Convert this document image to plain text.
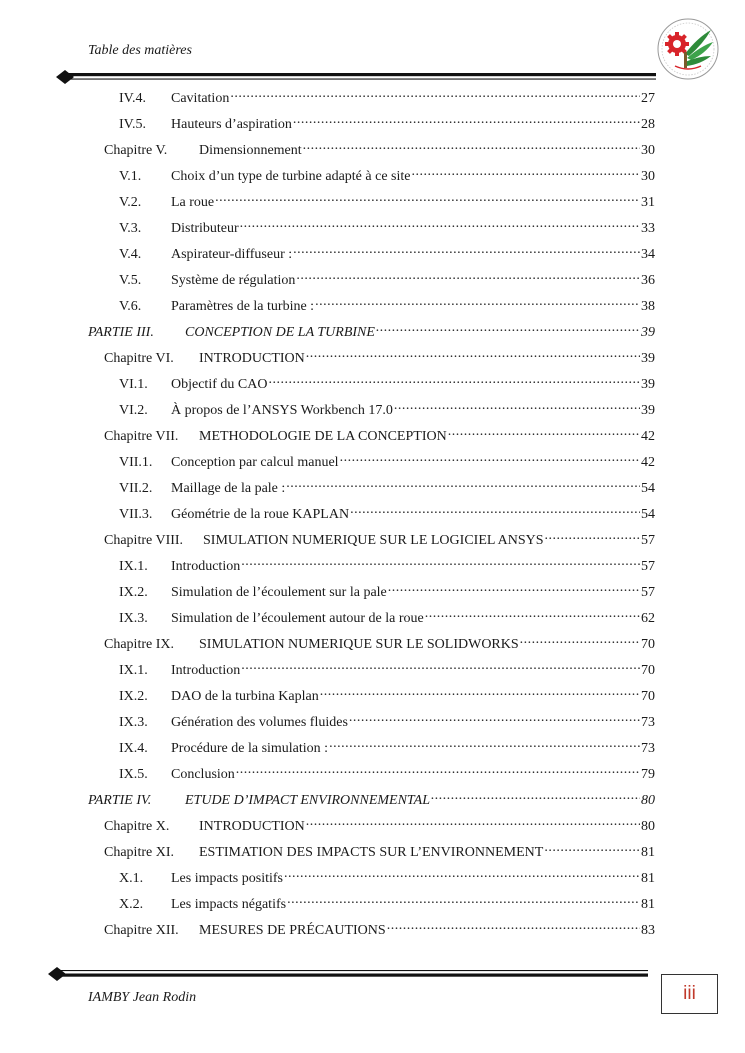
Table des matières
IV.4.	Cavitation .....	27
IV.5.	Hauteurs d’aspiration .....	28
Chapitre V.	Dimensionnement .....	30
V.1.	Choix d’un type de turbine adapté à ce site .....	30
V.2.	La roue .....	31
V.3.	Distributeur .....	33
V.4.	Aspirateur-diffuseur : .....	34
V.5.	Système de régulation .....	36
V.6.	Paramètres de la turbine : .....	38
PARTIE III.	CONCEPTION DE LA TURBINE .....	39
Chapitre VI.	INTRODUCTION .....	39
VI.1.	Objectif du CAO .....	39
VI.2.	À propos de l’ANSYS Workbench 17.0 .....	39
Chapitre VII.	METHODOLOGIE DE LA CONCEPTION .....	42
VII.1.	Conception par calcul manuel .....	42
VII.2.	Maillage de la pale : .....	54
VII.3.	Géométrie de la roue KAPLAN .....	54
Chapitre VIII.	SIMULATION NUMERIQUE SUR LE LOGICIEL ANSYS .....	57
IX.1.	Introduction .....	57
IX.2.	Simulation de l’écoulement sur la pale .....	57
IX.3.	Simulation de l’écoulement autour de la roue .....	62
Chapitre IX.	SIMULATION NUMERIQUE SUR LE SOLIDWORKS .....	70
IX.1.	Introduction .....	70
IX.2.	DAO de la turbina Kaplan .....	70
IX.3.	Génération des volumes fluides .....	73
IX.4.	Procédure de la simulation : .....	73
IX.5.	Conclusion .....	79
PARTIE IV.	ETUDE D’IMPACT ENVIRONNEMENTAL .....	80
Chapitre X.	INTRODUCTION .....	80
Chapitre XI.	ESTIMATION DES IMPACTS SUR L’ENVIRONNEMENT .....	81
X.1.	Les impacts positifs .....	81
X.2.	Les impacts négatifs .....	81
Chapitre XII.	MESURES DE PRÉCAUTIONS .....	83
IAMBY Jean Rodin	iii
